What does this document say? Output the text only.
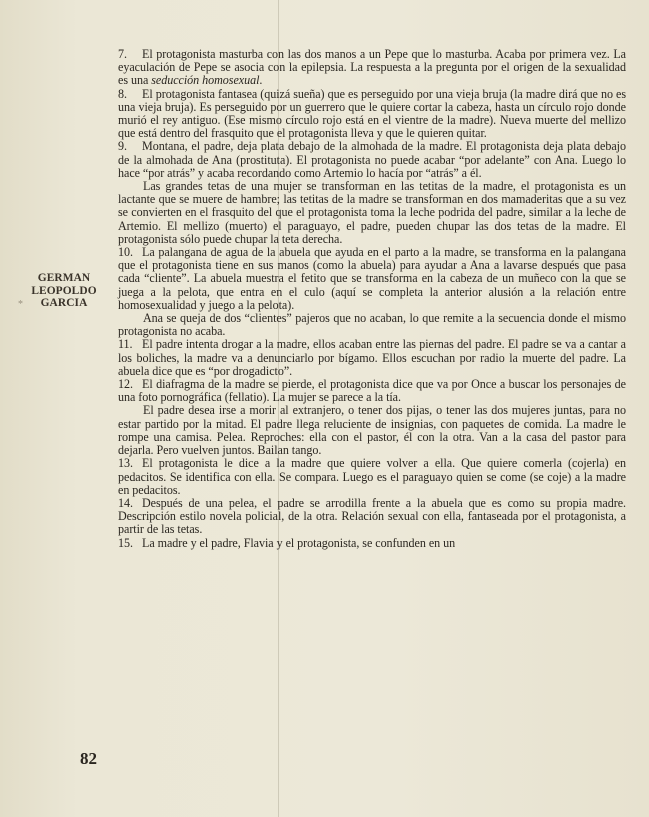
GERMAN
LEOPOLDO
GARCIA
*

7. El protagonista masturba con las dos manos a un Pepe que lo masturba. Acaba por primera vez. La eyaculación de Pepe se asocia con la epilepsia. La respuesta a la pregunta por el origen de la sexualidad es una seducción homosexual.

8. El protagonista fantasea (quizá sueña) que es perseguido por una vieja bruja (la madre dirá que no es una vieja bruja). Es perseguido por un guerrero que le quiere cortar la cabeza, hasta un círculo rojo donde murió el rey antiguo. (Ese mismo círculo rojo está en el vientre de la madre). Nueva muerte del mellizo que está dentro del frasquito que el protagonista lleva y que le quieren quitar.

9. Montana, el padre, deja plata debajo de la almohada de la madre. El protagonista deja plata debajo de la almohada de Ana (prostituta). El protagonista no puede acabar “por adelante” con Ana. Luego lo hace “por atrás” y acaba recordando como Artemio lo hacía por “atrás” a él.

Las grandes tetas de una mujer se transforman en las tetitas de la madre, el protagonista es un lactante que se muere de hambre; las tetitas de la madre se transforman en dos mamaderitas que a su vez se convierten en el frasquito del que el protagonista toma la leche podrida del padre, similar a la leche de Artemio. El mellizo (muerto) el paraguayo, el padre, pueden chupar las dos tetas de la madre. El protagonista sólo puede chupar la teta derecha.

10. La palangana de agua de la abuela que ayuda en el parto a la madre, se transforma en la palangana que el protagonista tiene en sus manos (como la abuela) para ayudar a Ana a lavarse después que pasa cada “cliente”. La abuela muestra el fetito que se transforma en la cabeza de un muñeco con la que se juega a la pelota, que entra en el culo (aquí se completa la anterior alusión a la relación entre homosexualidad y juego a la pelota).

Ana se queja de dos “clientes” pajeros que no acaban, lo que remite a la secuencia donde el mismo protagonista no acaba.

11. El padre intenta drogar a la madre, ellos acaban entre las piernas del padre. El padre se va a cantar a los boliches, la madre va a denunciarlo por bígamo. Ellos escuchan por radio la muerte del padre. La abuela dice que es “por drogadicto”.

12. El diafragma de la madre se pierde, el protagonista dice que va por Once a buscar los personajes de una foto pornográfica (fellatio). La mujer se parece a la tía.

El padre desea irse a morir al extranjero, o tener dos pijas, o tener las dos mujeres juntas, para no estar partido por la mitad. El padre llega reluciente de insignias, con paquetes de comida. La madre le rompe una camisa. Pelea. Reproches: ella con el pastor, él con la otra. Van a la casa del pastor para dejarla. Pero vuelven juntos. Bailan tango.

13. El protagonista le dice a la madre que quiere volver a ella. Que quiere comerla (cojerla) en pedacitos. Se identifica con ella. Se compara. Luego es el paraguayo quien se come (se coje) a la madre en pedacitos.

14. Después de una pelea, el padre se arrodilla frente a la abuela que es como su propia madre. Descripción estilo novela policial, de la otra. Relación sexual con ella, fantaseada por el protagonista, a partir de las tetas.

15. La madre y el padre, Flavia y el protagonista, se confunden en un

82
